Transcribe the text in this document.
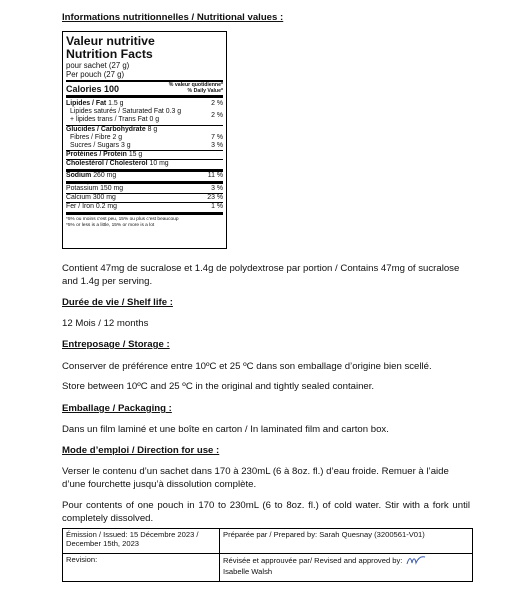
Informations nutritionnelles / Nutritional values :
Valeur nutritive
Nutrition Facts
pour sachet (27 g)
Per pouch (27 g)
Calories 100	% valeur quotidienne*
% Daily Value*
Lipides / Fat 1.5 g	2 %
Lipides saturés / Saturated Fat 0.3 g
+ lipides trans / Trans Fat 0 g
2 %
Glucides / Carbohydrate 8 g
Fibres / Fibre 2 g	7 %
Sucres / Sugars 3 g	3 %
Protéines / Protein 15 g
Cholestérol / Cholesterol 10 mg
Sodium 260 mg	11 %
Potassium 150 mg	3 %
Calcium 300 mg	23 %
Fer / Iron 0.2 mg	1 %
*5% ou moins c'est peu, 15% ou plus c'est beaucoup
*5% or less is a little, 15% or more is a lot
Contient 47mg de sucralose et 1.4g de polydextrose par portion / Contains 47mg of sucralose and 1.4g per serving.
Durée de vie / Shelf life :
12 Mois / 12 months
Entreposage / Storage :
Conserver de préférence entre 10ºC et 25 ºC dans son emballage d’origine bien scellé.
Store between 10ºC and 25 ºC in the original and tightly sealed container.
Emballage / Packaging :
Dans un film laminé et une boîte en carton / In laminated film and carton box.
Mode d’emploi / Direction for use :
Verser le contenu d’un sachet dans 170 à 230mL (6 à 8oz. fl.) d’eau froide. Remuer à l’aide d’une fourchette jusqu’à dissolution complète.
Pour contents of one pouch in 170 to 230mL (6 to 8oz. fl.) of cold water. Stir with a fork until completely dissolved.
Émission / Issued: 15 Décembre 2023 / December 15th, 2023	Préparée par / Prepared by: Sarah Quesnay (3200561-V01)
Revision:	Révisée et approuvée par/ Revised and approved by:
Isabelle Walsh
